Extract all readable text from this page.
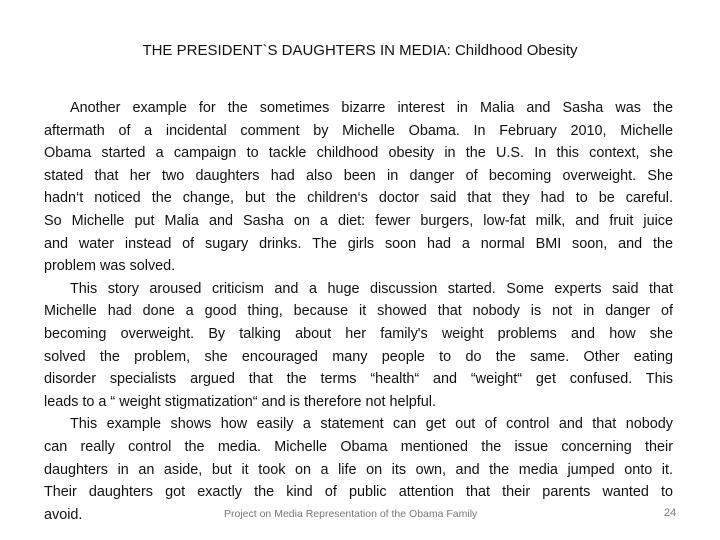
THE PRESIDENT`S DAUGHTERS IN MEDIA: Childhood Obesity
Another example for the sometimes bizarre interest in Malia and Sasha was the
aftermath of a incidental comment by Michelle Obama. In February 2010, Michelle
Obama started a campaign to tackle childhood obesity in the U.S. In this context, she
stated that her two daughters had also been in danger of becoming overweight. She
hadn‘t noticed the change, but the children‘s doctor said that they had to be careful.
So Michelle put Malia and Sasha on a diet: fewer burgers, low-fat milk, and fruit juice
and water instead of sugary drinks. The girls soon had a normal BMI soon, and the
problem was solved.
This story aroused criticism and a huge discussion started. Some experts said that
Michelle had done a good thing, because it showed that nobody is not in danger of
becoming overweight. By talking about her family's weight problems and how she
solved the problem, she encouraged many people to do the same. Other eating
disorder specialists argued that the terms “health“ and “weight“ get confused. This
leads to a “ weight stigmatization“ and is therefore not helpful.
This example shows how easily a statement can get out of control and that nobody
can really control the media. Michelle Obama mentioned the issue concerning their
daughters in an aside, but it took on a life on its own, and the media jumped onto it.
Their daughters got exactly the kind of public attention that their parents wanted to
avoid.	Project on Media Representation of the Obama Family	24
